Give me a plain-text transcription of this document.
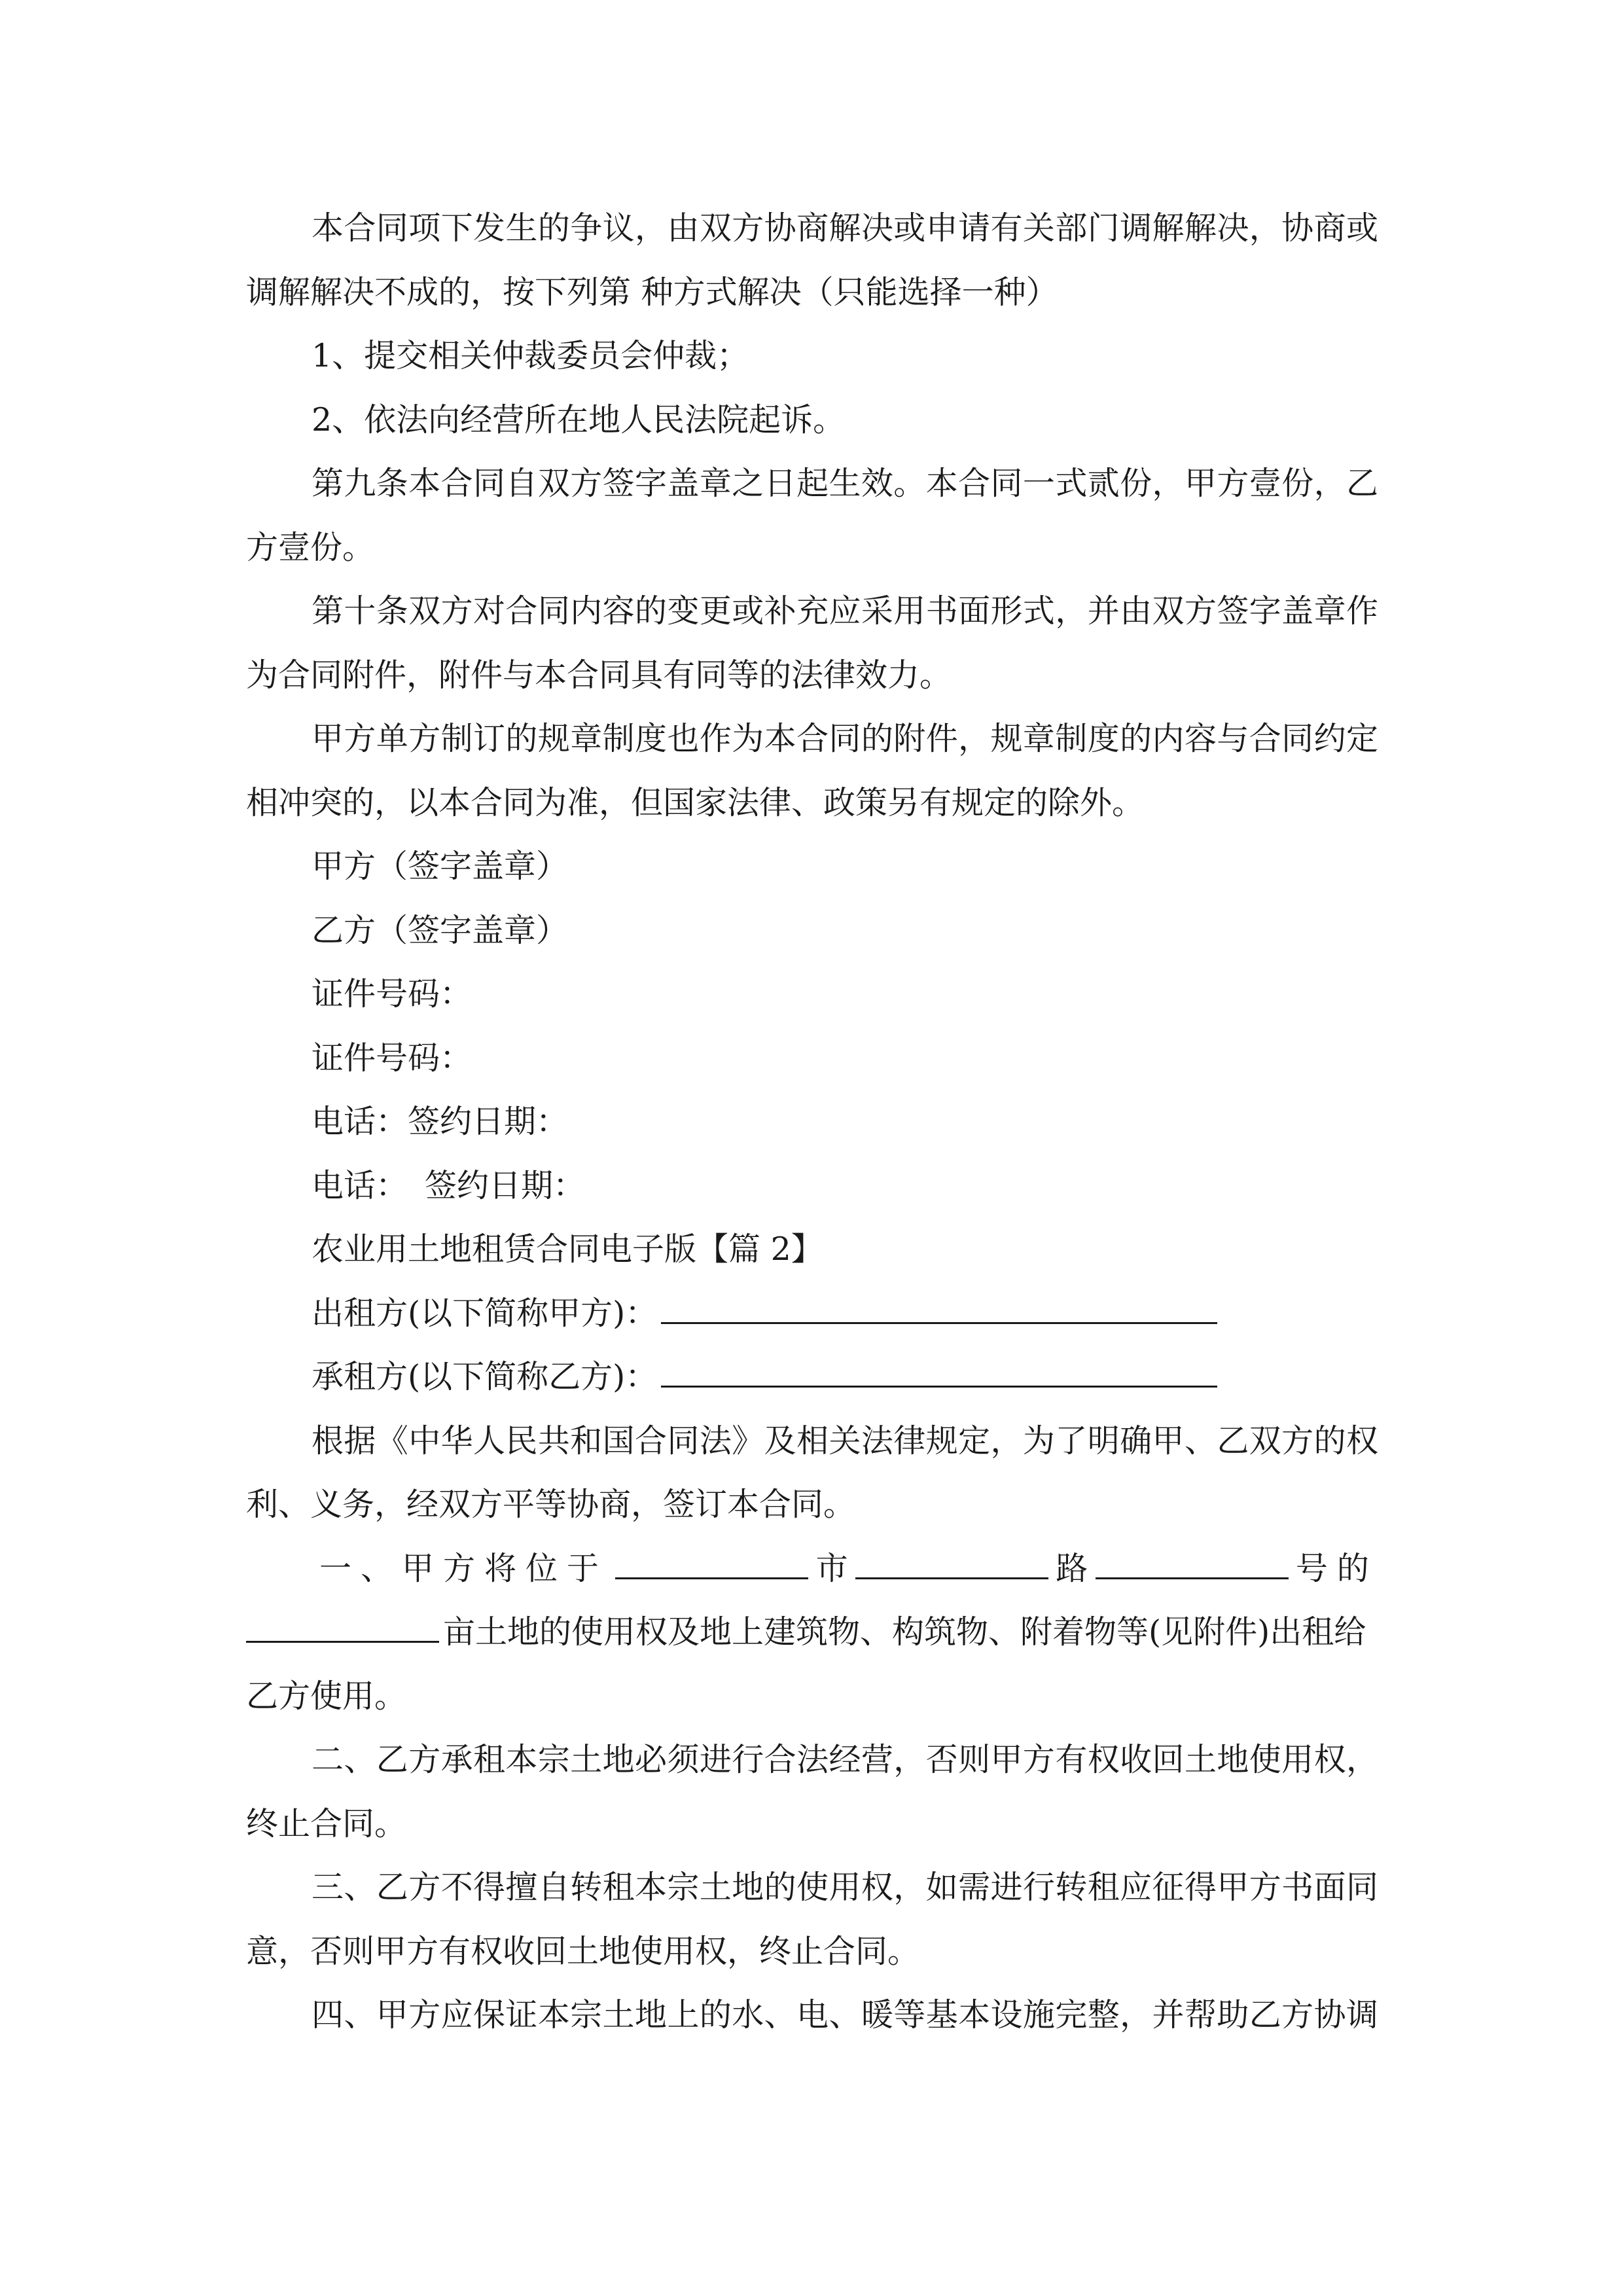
本合同项下发生的争议，由双方协商解决或申请有关部门调解解决，协商或
调解解决不成的，按下列第 种方式解决（只能选择一种）
1、提交相关仲裁委员会仲裁；
2、依法向经营所在地人民法院起诉。
第九条本合同自双方签字盖章之日起生效。本合同一式贰份，甲方壹份，乙
方壹份。
第十条双方对合同内容的变更或补充应采用书面形式，并由双方签字盖章作
为合同附件，附件与本合同具有同等的法律效力。
甲方单方制订的规章制度也作为本合同的附件，规章制度的内容与合同约定
相冲突的，以本合同为准，但国家法律、政策另有规定的除外。
甲方（签字盖章）
乙方（签字盖章）
证件号码：
证件号码：
电话：签约日期：
电话： 签约日期：
农业用土地租赁合同电子版【篇 2】
出租方(以下简称甲方)：
承租方(以下简称乙方)：
根据《中华人民共和国合同法》及相关法律规定，为了明确甲、乙双方的权
利、义务，经双方平等协商，签订本合同。
一、甲方将位于	市	路	号的
亩土地的使用权及地上建筑物、构筑物、附着物等(见附件)出租给
乙方使用。
二、乙方承租本宗土地必须进行合法经营，否则甲方有权收回土地使用权，
终止合同。
三、乙方不得擅自转租本宗土地的使用权，如需进行转租应征得甲方书面同
意，否则甲方有权收回土地使用权，终止合同。
四、甲方应保证本宗土地上的水、电、暖等基本设施完整，并帮助乙方协调
